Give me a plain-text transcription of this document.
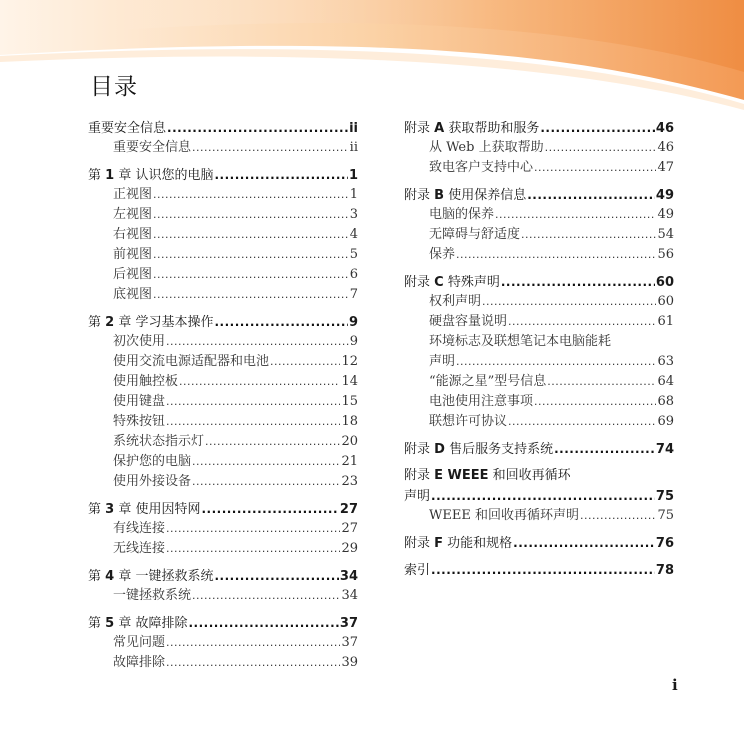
目录
重要安全信息 .....	ii
重要安全信息 .....	ii
第 1 章 认识您的电脑 .....	1
正视图 .....	1
左视图 .....	3
右视图 .....	4
前视图 .....	5
后视图 .....	6
底视图 .....	7
第 2 章 学习基本操作 .....	9
初次使用 .....	9
使用交流电源适配器和电池 .....	12
使用触控板 .....	14
使用键盘 .....	15
特殊按钮 .....	18
系统状态指示灯 .....	20
保护您的电脑 .....	21
使用外接设备 .....	23
第 3 章 使用因特网 .....	27
有线连接 .....	27
无线连接 .....	29
第 4 章 一键拯救系统 .....	34
一键拯救系统 .....	34
第 5 章 故障排除 .....	37
常见问题 .....	37
故障排除 .....	39
附录 A 获取帮助和服务 .....	46
从 Web 上获取帮助 .....	46
致电客户支持中心 .....	47
附录 B 使用保养信息 .....	49
电脑的保养 .....	49
无障碍与舒适度 .....	54
保养 .....	56
附录 C 特殊声明 .....	60
权利声明 .....	60
硬盘容量说明 .....	61
环境标志及联想笔记本电脑能耗
声明 .....	63
“能源之星”型号信息 .....	64
电池使用注意事项 .....	68
联想许可协议 .....	69
附录 D 售后服务支持系统 .....	74
附录 E WEEE 和回收再循环
声明 .....	75
WEEE 和回收再循环声明 .....	75
附录 F 功能和规格 .....	76
索引 .....	78
i
